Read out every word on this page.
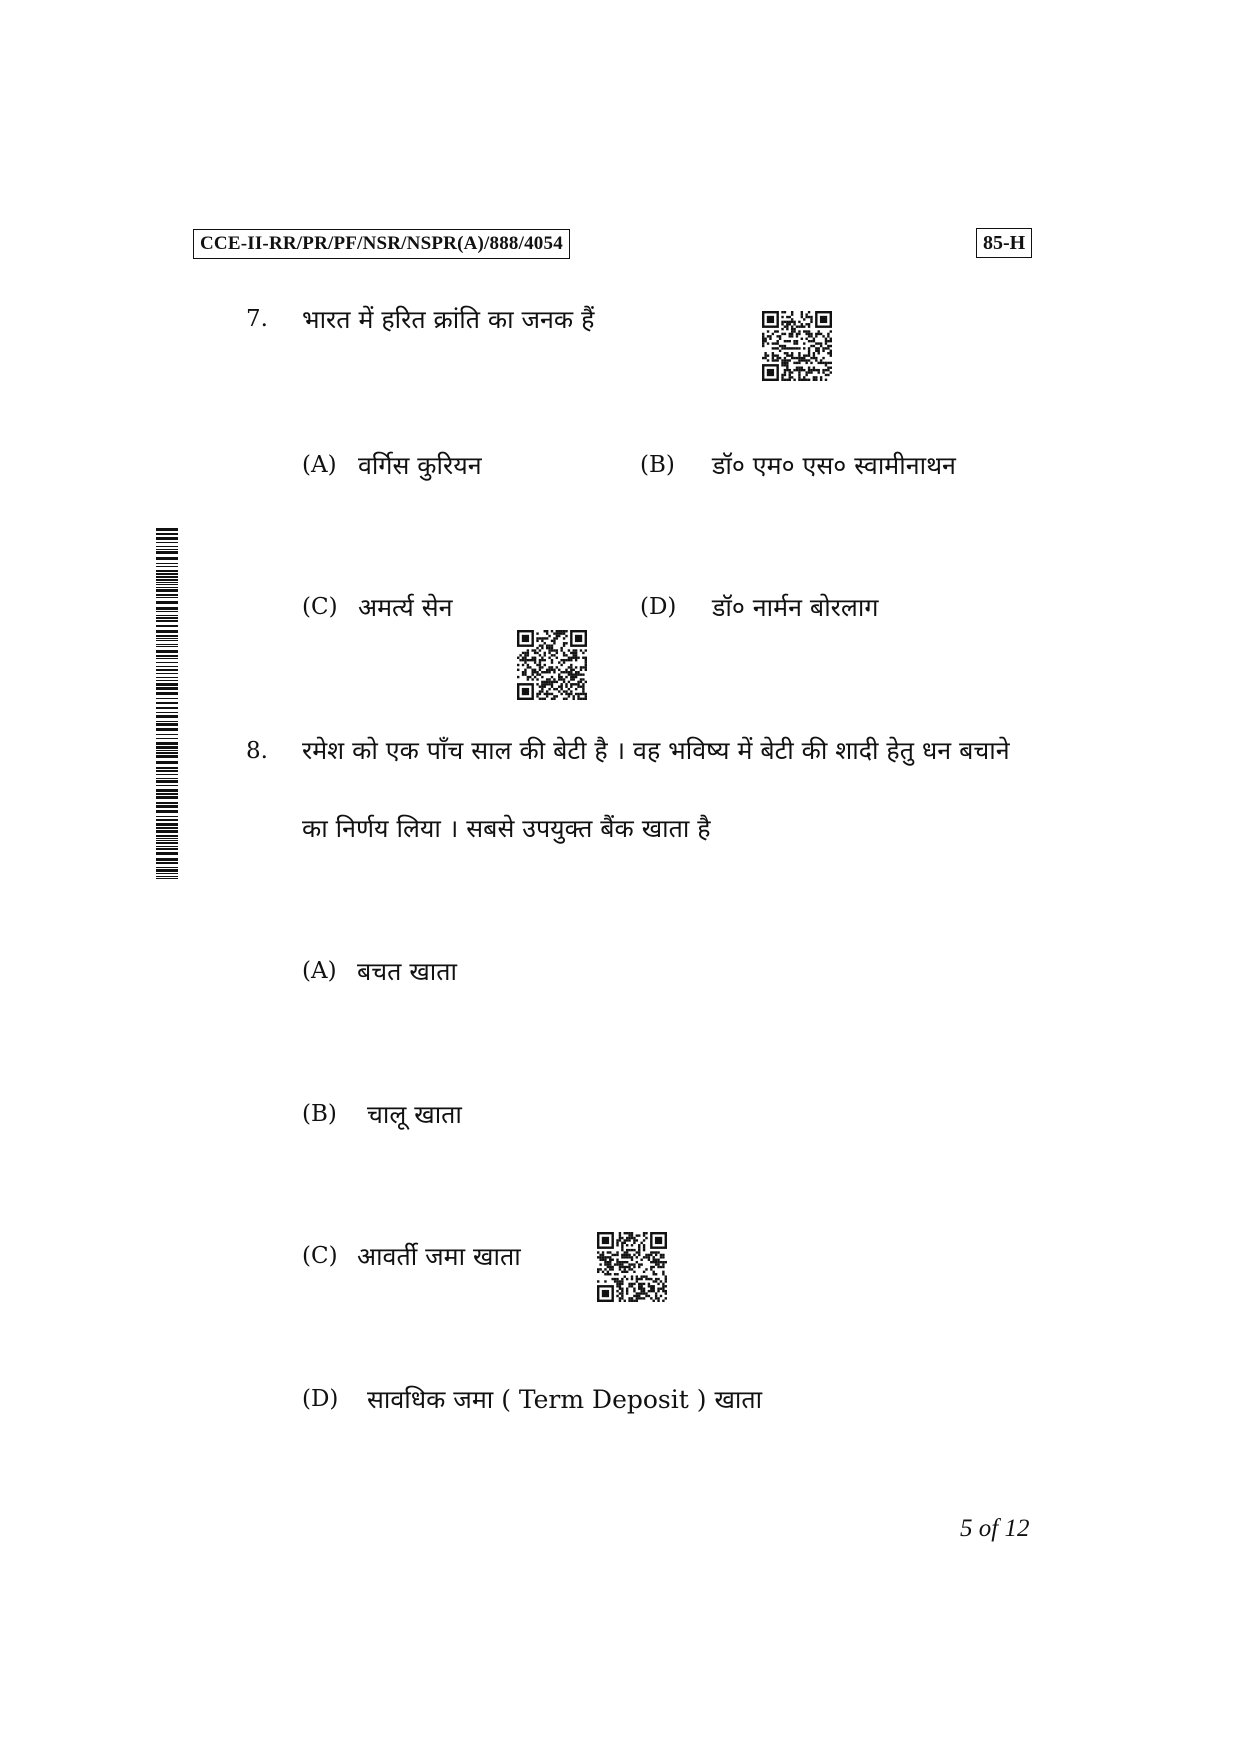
CCE-II-RR/PR/PF/NSR/NSPR(A)/888/4054	85-H
7. भारत में हरित क्रांति का जनक हैं
(A) वर्गिस कुरियन	(B) डॉ० एम० एस० स्वामीनाथन
(C) अमर्त्य सेन	(D) डॉ० नार्मन बोरलाग
8. रमेश को एक पाँच साल की बेटी है । वह भविष्य में बेटी की शादी हेतु धन बचाने
का निर्णय लिया । सबसे उपयुक्त बैंक खाता है
(A) बचत खाता
(B) चालू खाता
(C) आवर्ती जमा खाता
(D) सावधिक जमा ( Term Deposit ) खाता
5 of 12
